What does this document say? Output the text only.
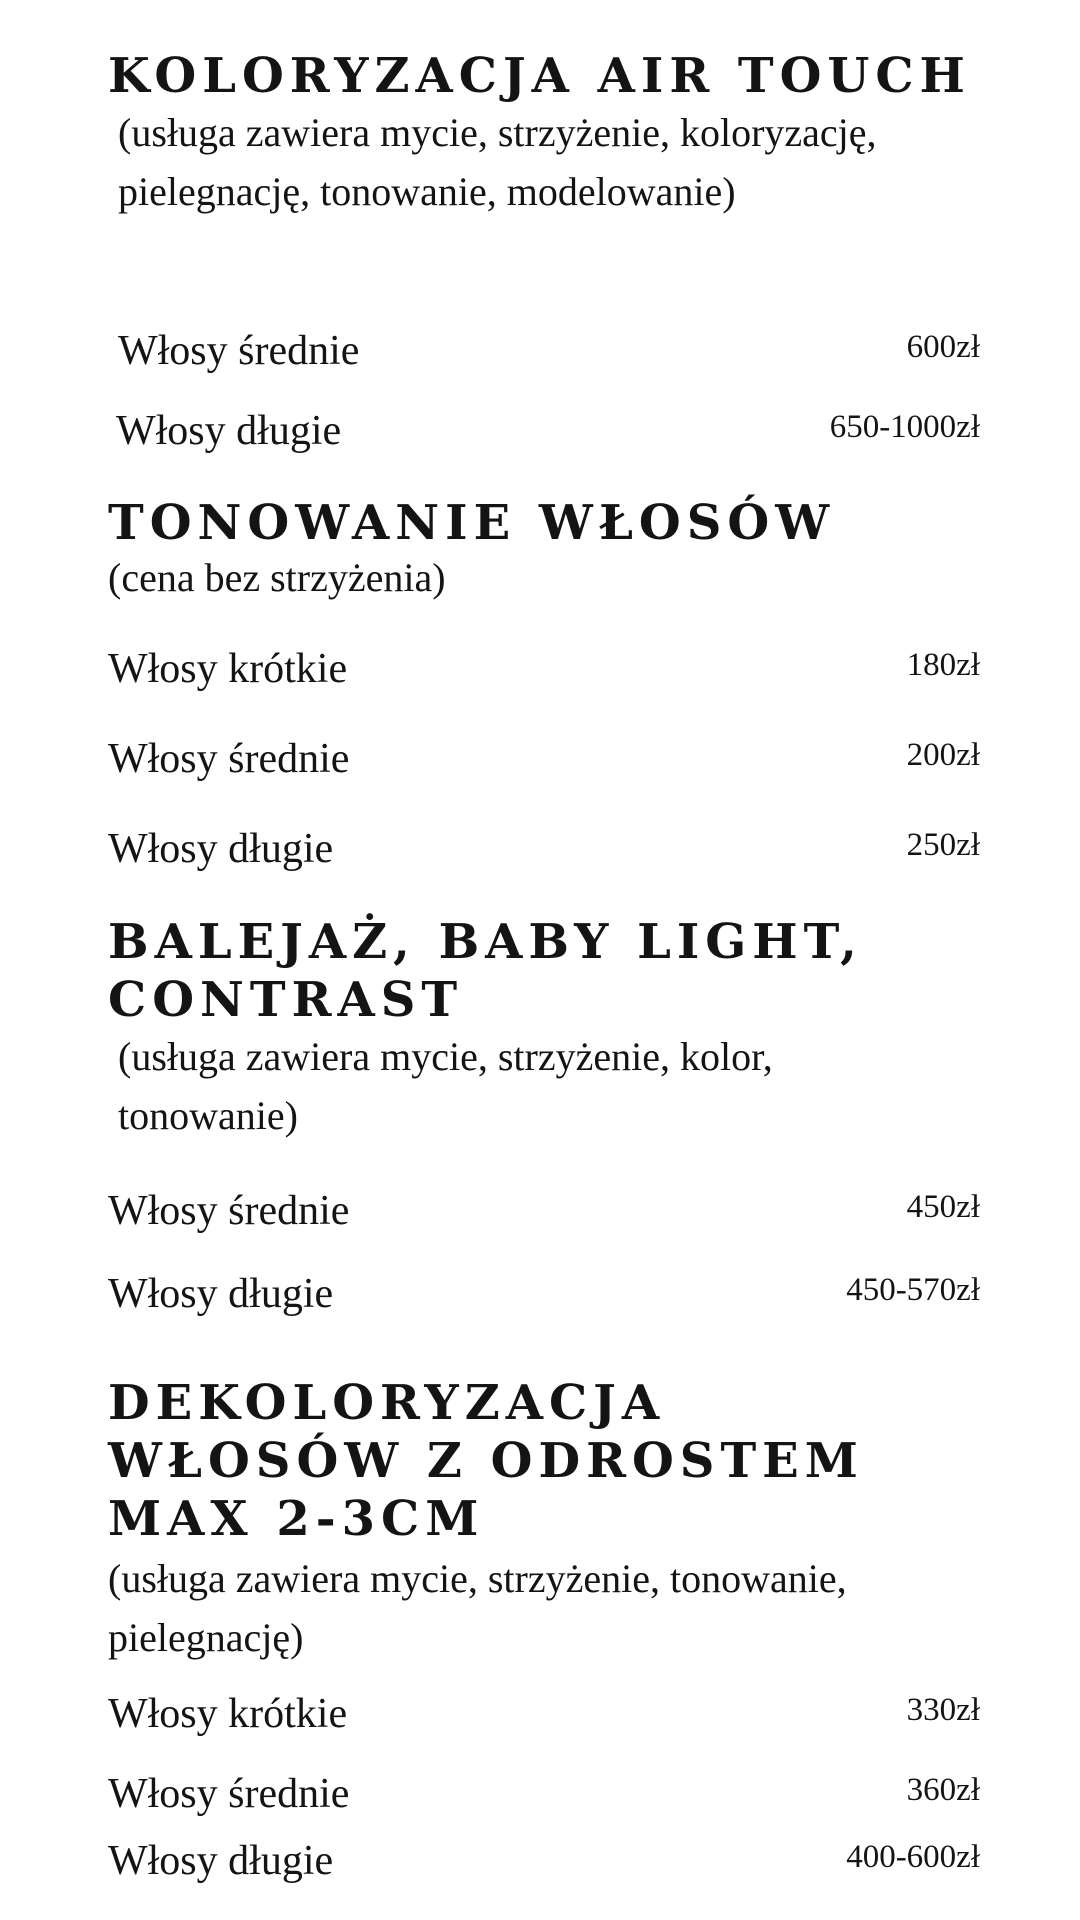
KOLORYZACJA AIR TOUCH

(usługa zawiera mycie, strzyżenie, koloryzację,

pielegnację, tonowanie, modelowanie)

Włosy średnie	600zł
Włosy długie	650-1000zł
TONOWANIE WŁOSÓW

(cena bez strzyżenia)

Włosy krótkie	180zł
Włosy średnie	200zł
Włosy długie	250zł
BALEJAŻ, BABY LIGHT,
CONTRAST

(usługa zawiera mycie, strzyżenie, kolor,

tonowanie)

Włosy średnie	450zł
Włosy długie	450-570zł
DEKOLORYZACJA
WŁOSÓW Z ODROSTEM
MAX 2-3CM

(usługa zawiera mycie, strzyżenie, tonowanie,

pielegnację)

Włosy krótkie	330zł
Włosy średnie	360zł
Włosy długie	400-600zł
